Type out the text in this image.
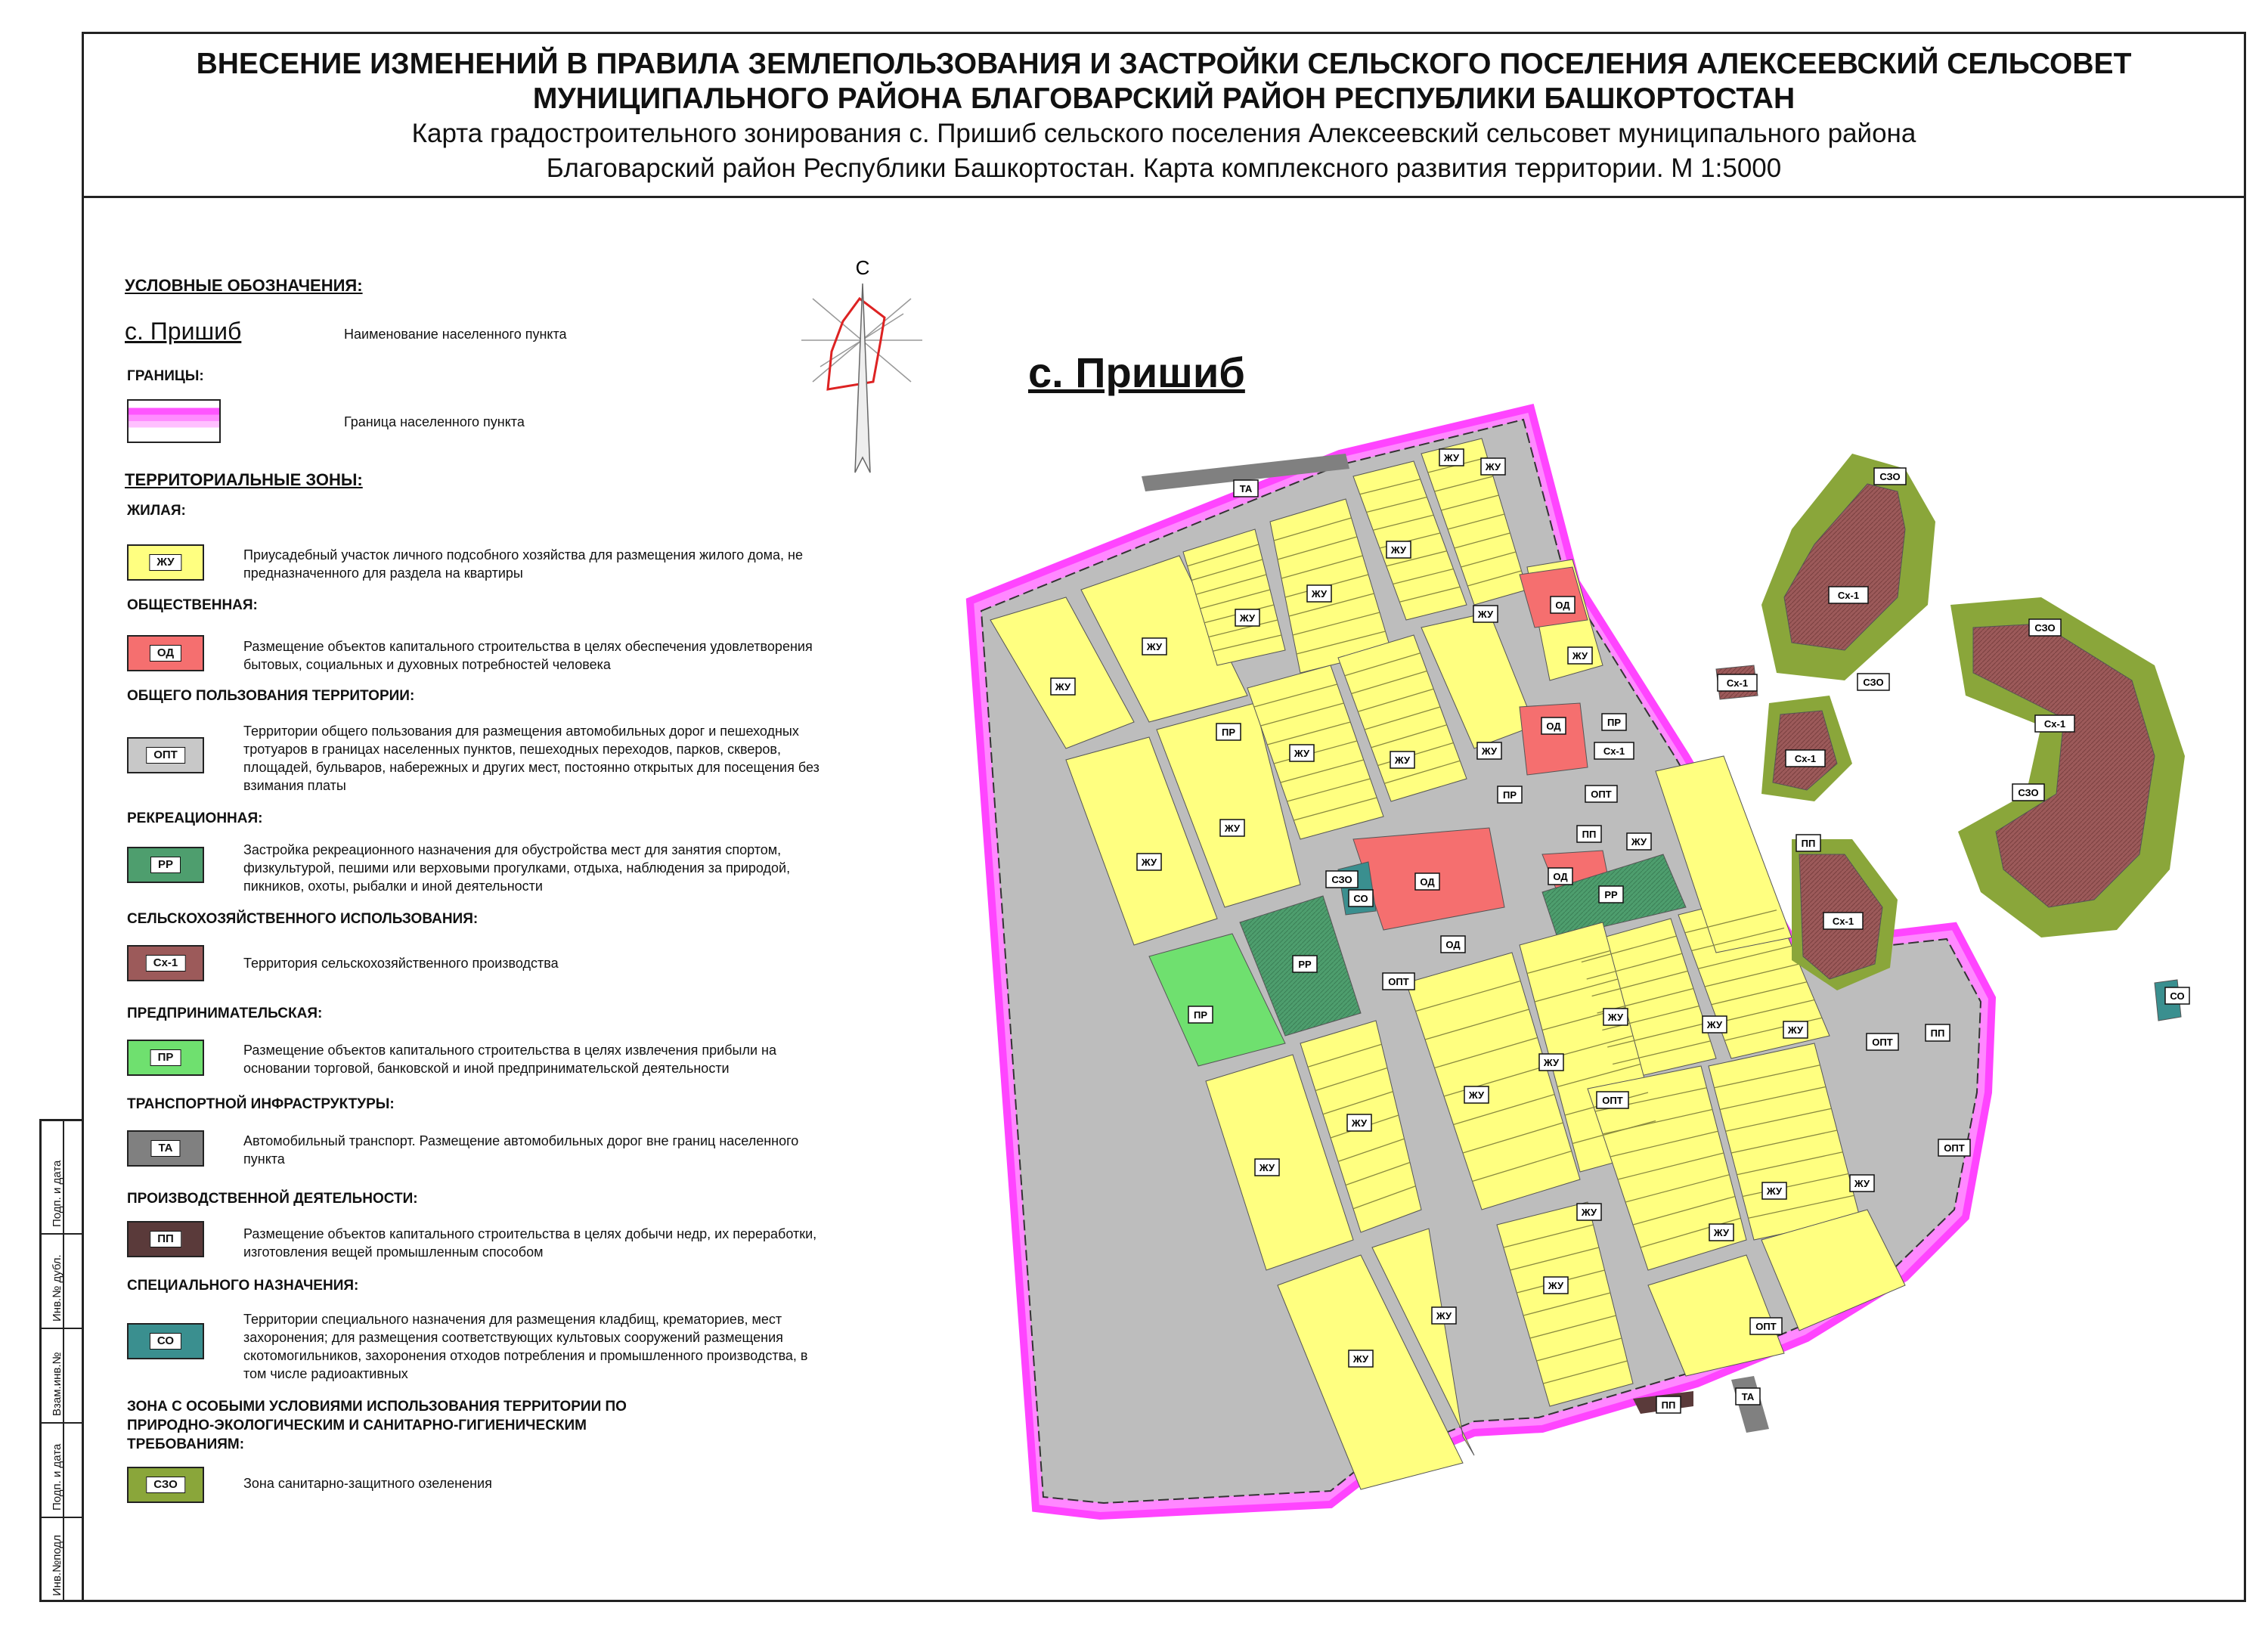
ВНЕСЕНИЕ ИЗМЕНЕНИЙ В ПРАВИЛА ЗЕМЛЕПОЛЬЗОВАНИЯ И ЗАСТРОЙКИ СЕЛЬСКОГО ПОСЕЛЕНИЯ АЛЕКСЕЕВСКИЙ СЕЛЬСОВЕТ
МУНИЦИПАЛЬНОГО РАЙОНА БЛАГОВАРСКИЙ РАЙОН РЕСПУБЛИКИ БАШКОРТОСТАН
Карта градостроительного зонирования с. Пришиб сельского поселения Алексеевский сельсовет муниципального района
Благоварский район Республики Башкортостан. Карта комплексного развития территории. М 1:5000
Подп. и дата
Инв.№ дубл.
Взам.инв.№
Подп. и дата
Инв.№подл
УСЛОВНЫЕ ОБОЗНАЧЕНИЯ:
с. Пришиб	Наименование населенного пункта
ГРАНИЦЫ:
Граница населенного пункта
ТЕРРИТОРИАЛЬНЫЕ ЗОНЫ:
ЖИЛАЯ:
ЖУ	Приусадебный участок личного подсобного хозяйства для размещения жилого дома, не предназначенного для раздела на квартиры
ОБЩЕСТВЕННАЯ:
ОД	Размещение объектов капитального строительства в целях обеспечения удовлетворения бытовых, социальных и духовных потребностей человека
ОБЩЕГО ПОЛЬЗОВАНИЯ ТЕРРИТОРИИ:
ОПТ
Территории общего пользования для размещения автомобильных дорог и пешеходных тротуаров в границах населенных пунктов, пешеходных переходов, парков, скверов, площадей, бульваров, набережных и других мест, постоянно открытых для посещения без взимания платы
РЕКРЕАЦИОННАЯ:
РР
Застройка рекреационного назначения для обустройства мест для занятия спортом, физкультурой, пешими или верховыми прогулками, отдыха, наблюдения за природой, пикников, охоты, рыбалки и иной деятельности
СЕЛЬСКОХОЗЯЙСТВЕННОГО ИСПОЛЬЗОВАНИЯ:
Сх-1	Территория сельскохозяйственного производства
ПРЕДПРИНИМАТЕЛЬСКАЯ:
ПР	Размещение объектов капитального строительства в целях извлечения прибыли на основании торговой, банковской и иной предпринимательской деятельности
ТРАНСПОРТНОЙ ИНФРАСТРУКТУРЫ:
ТА	Автомобильный транспорт. Размещение автомобильных дорог вне границ населенного пункта
ПРОИЗВОДСТВЕННОЙ ДЕЯТЕЛЬНОСТИ:
ПП	Размещение объектов капитального строительства в целях добычи недр, их переработки, изготовления вещей промышленным способом
СПЕЦИАЛЬНОГО НАЗНАЧЕНИЯ:
СО
Территории специального назначения для размещения кладбищ, крематориев, мест захоронения; для размещения соответствующих культовых сооружений размещения скотомогильников, захоронения отходов потребления и промышленного производства, в том числе радиоактивных
ЗОНА С ОСОБЫМИ УСЛОВИЯМИ ИСПОЛЬЗОВАНИЯ ТЕРРИТОРИИ ПО ПРИРОДНО-ЭКОЛОГИЧЕСКИМ И САНИТАРНО-ГИГИЕНИЧЕСКИМ ТРЕБОВАНИЯМ:
СЗО	Зона санитарно-защитного озеленения
С
с. Пришиб
ТА
ЖУ
ЖУ
СЗО
ЖУ
ЖУ
ЖУ	ЖУ
ОД
Сх-1
СЗО
ЖУ
ЖУ
ЖУ
СЗО
Сх-1
Сх-1
ПР
ОД	ПР
ЖУ
ЖУ
ЖУ	Сх-1
Сх-1
СЗО
ПР	ОПТ
ЖУ
ПП
ЖУ	ПП
ОД
СЗО
СО
ОД
РР
ЖУ
Сх-1
РР
ОД
ОПТ
ПР
ОПТ
ПП
СО
ЖУ
ЖУ	ЖУ
ЖУ
ЖУ	ОПТ
ОПТ
ЖУ
ЖУ
ЖУ
ЖУ
ЖУ
ЖУ
ЖУ
ЖУ
ОПТ
ЖУ
ПП
ТА
